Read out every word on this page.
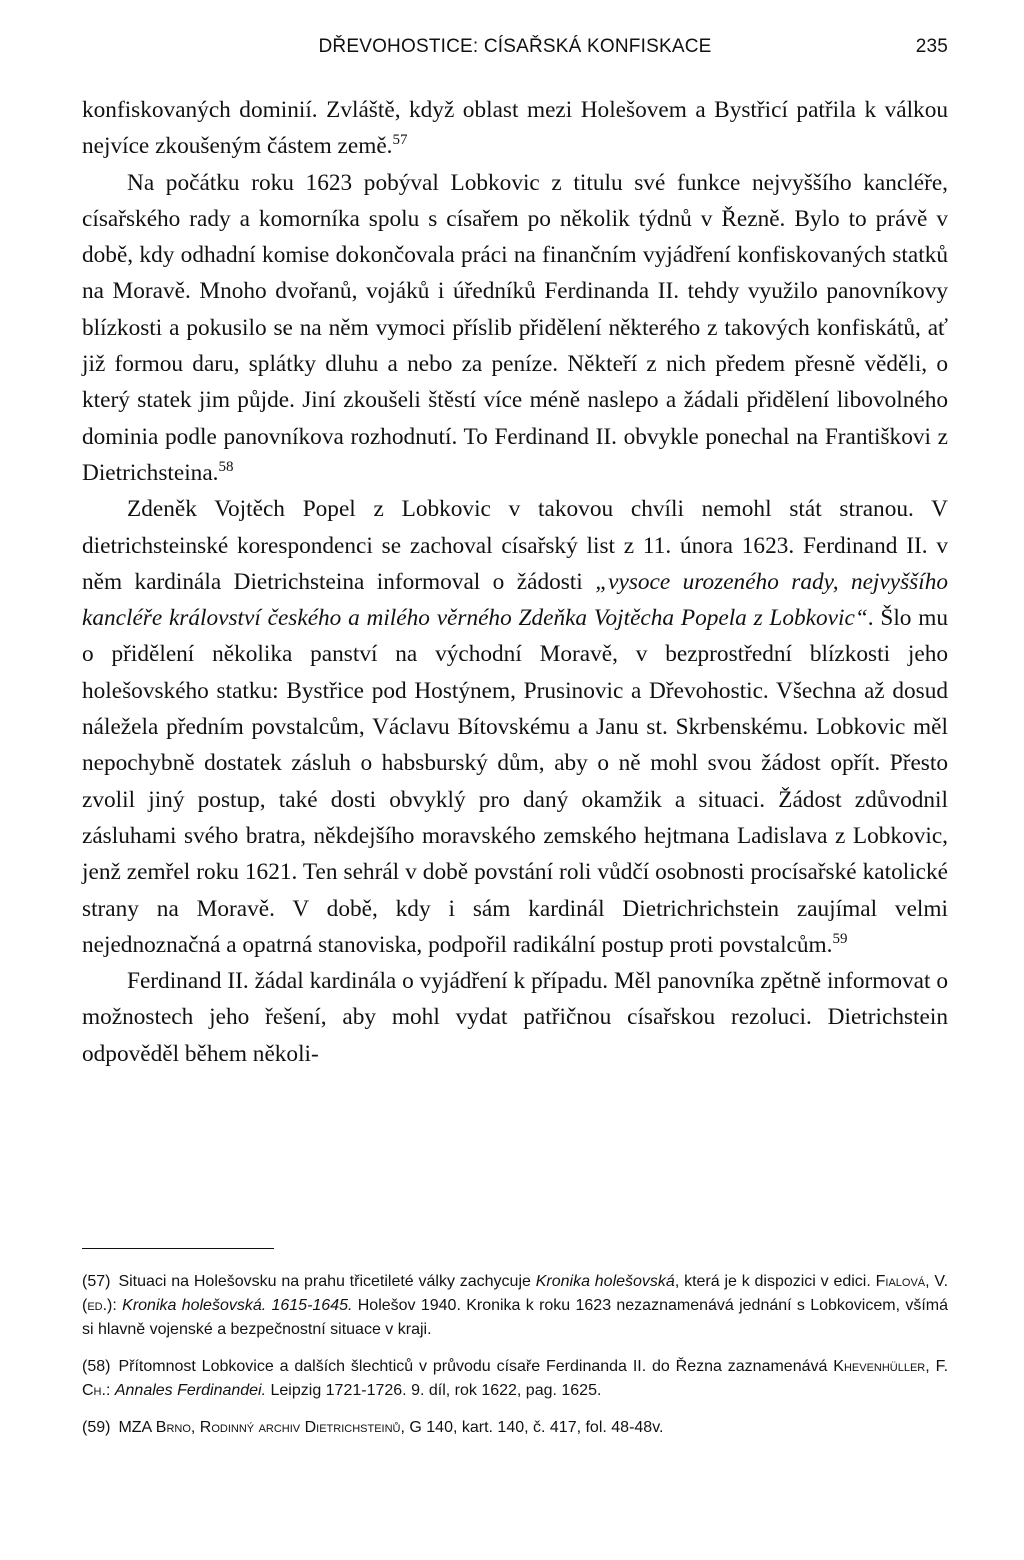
DŘEVOHOSTICE: CÍSAŘSKÁ KONFISKACE	235

konfiskovaných dominií. Zvláště, když oblast mezi Holešovem a Bystřicí patřila k válkou nejvíce zkoušeným částem země.$^{57}$

Na počátku roku 1623 pobýval Lobkovic z titulu své funkce nejvyššího kancléře, císařského rady a komorníka spolu s císařem po několik týdnů v Řezně. Bylo to právě v době, kdy odhadní komise dokončovala práci na finančním vyjádření konfiskovaných statků na Moravě. Mnoho dvořanů, vojáků i úředníků Ferdinanda II. tehdy využilo panovníkovy blízkosti a pokusilo se na něm vymoci příslib přidělení některého z takových konfiskátů, ať již formou daru, splátky dluhu a nebo za peníze. Někteří z nich předem přesně věděli, o který statek jim půjde. Jiní zkoušeli štěstí více méně naslepo a žádali přidělení libovolného dominia podle panovníkova rozhodnutí. To Ferdinand II. obvykle ponechal na Františkovi z Dietrichsteina.$^{58}$

Zdeněk Vojtěch Popel z Lobkovic v takovou chvíli nemohl stát stranou. V dietrichsteinské korespondenci se zachoval císařský list z 11. února 1623. Ferdinand II. v něm kardinála Dietrichsteina informoval o žádosti „vysoce urozeného rady, nejvyššího kancléře království českého a milého věrného Zdeňka Vojtěcha Popela z Lobkovic“. Šlo mu o přidělení několika panství na východní Moravě, v bezprostřední blízkosti jeho holešovského statku: Bystřice pod Hostýnem, Prusinovic a Dřevohostic. Všechna až dosud náležela předním povstalcům, Václavu Bítovskému a Janu st. Skrbenskému. Lobkovic měl nepochybně dostatek zásluh o habsburský dům, aby o ně mohl svou žádost opřít. Přesto zvolil jiný postup, také dosti obvyklý pro daný okamžik a situaci. Žádost zdůvodnil zásluhami svého bratra, někdejšího moravského zemského hejtmana Ladislava z Lobkovic, jenž zemřel roku 1621. Ten sehrál v době povstání roli vůdčí osobnosti procísařské katolické strany na Moravě. V době, kdy i sám kardinál Dietrichrichstein zaujímal velmi nejednoznačná a opatrná stanoviska, podpořil radikální postup proti povstalcům.$^{59}$

Ferdinand II. žádal kardinála o vyjádření k případu. Měl panovníka zpětně informovat o možnostech jeho řešení, aby mohl vydat patřičnou císařskou rezoluci. Dietrichstein odpověděl během několi-

(57) Situaci na Holešovsku na prahu třicetileté války zachycuje Kronika holešovská, která je k dispozici v edici. Fialová, V. (ed.): Kronika holešovská. 1615-1645. Holešov 1940. Kronika k roku 1623 nezaznamenává jednání s Lobkovicem, všímá si hlavně vojenské a bezpečnostní situace v kraji.

(58) Přítomnost Lobkovice a dalších šlechticů v průvodu císaře Ferdinanda II. do Řezna zaznamenává Khevenhüller, F. Ch.: Annales Ferdinandei. Leipzig 1721-1726. 9. díl, rok 1622, pag. 1625.

(59) MZA Brno, Rodinný archiv Dietrichsteinů, G 140, kart. 140, č. 417, fol. 48-48v.
